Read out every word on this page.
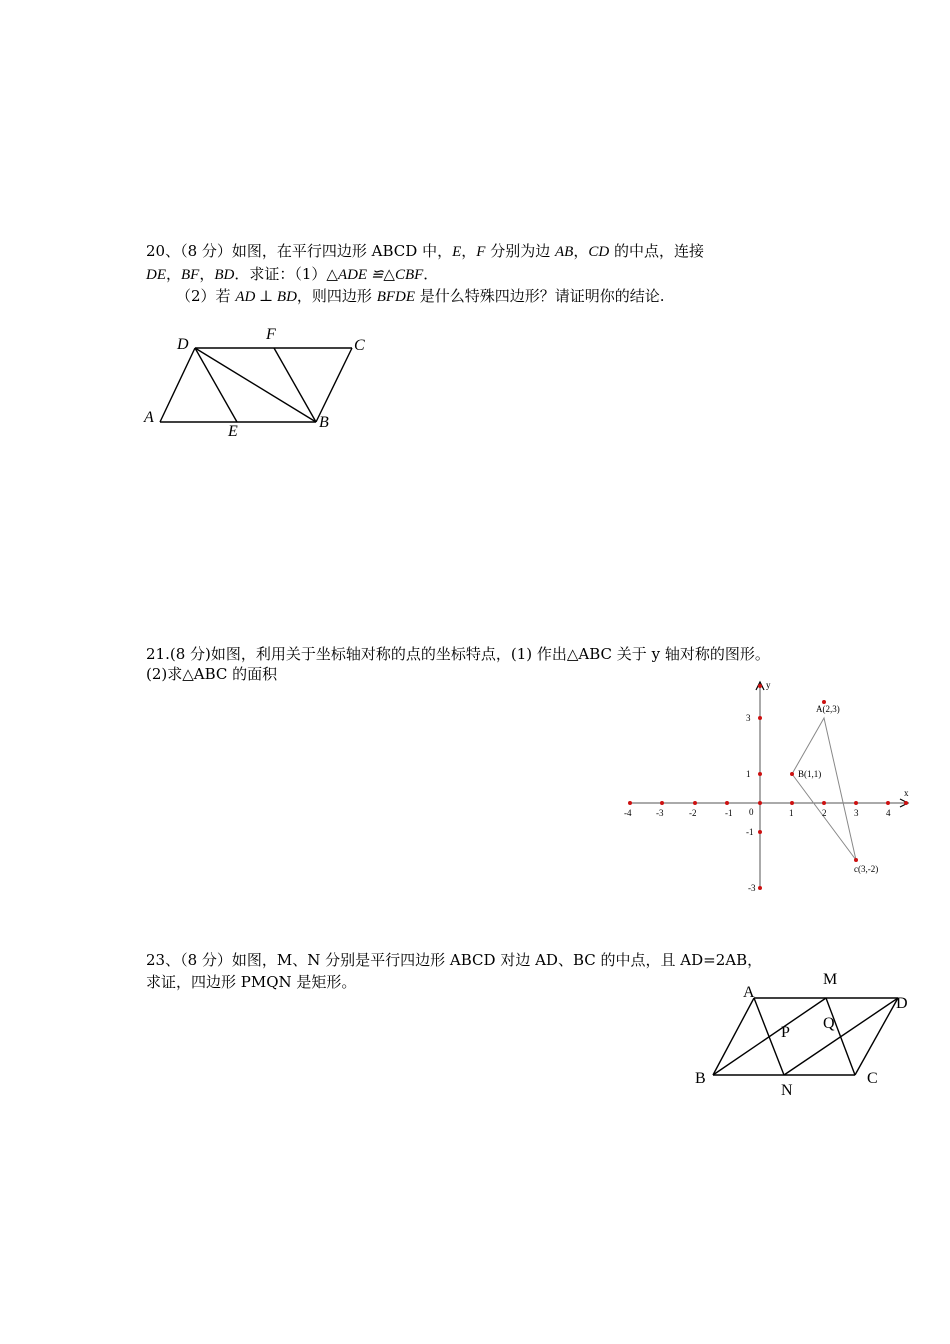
20、（8 分）如图，在平行四边形 ABCD 中，E，F 分别为边 AB，CD 的中点，连接
DE，BF，BD．求证：（1）△ADE ≌△CBF．
（2）若 AD ⊥ BD，则四边形 BFDE 是什么特殊四边形？请证明你的结论.
D
F
C
A
E
B
21.(8 分)如图，利用关于坐标轴对称的点的坐标特点，(1) 作出△ABC 关于 y 轴对称的图形。
(2)求△ABC 的面积
y
x
0
-4	-3	-2	-1	1	2	3	4
3
1
-1
-3
A(2,3)
B(1,1)
c(3,-2)
23、（8 分）如图，M、N 分别是平行四边形 ABCD 对边 AD、BC 的中点，且 AD=2AB，
求证，四边形 PMQN 是矩形。
A
M
D
P
Q
B
N
C
